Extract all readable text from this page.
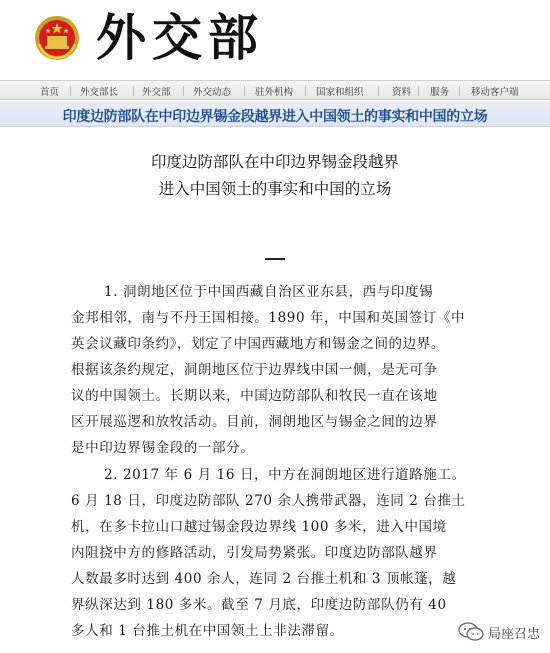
外交部
首页 外交部长	外交部 外交动态	驻外机构 国家和组织	资料 服务 移动客户端
印度边防部队在中印边界锡金段越界进入中国领土的事实和中国的立场
印度边防部队在中印边界锡金段越界
进入中国领土的事实和中国的立场
1. 洞朗地区位于中国西藏自治区亚东县，西与印度锡
金邦相邻，南与不丹王国相接。1890 年，中国和英国签订《中
英会议藏印条约》，划定了中国西藏地方和锡金之间的边界。
根据该条约规定，洞朗地区位于边界线中国一侧，是无可争
议的中国领土。长期以来，中国边防部队和牧民一直在该地
区开展巡逻和放牧活动。目前，洞朗地区与锡金之间的边界
是中印边界锡金段的一部分。
2. 2017 年 6 月 16 日，中方在洞朗地区进行道路施工。
6 月 18 日，印度边防部队 270 余人携带武器，连同 2 台推土
机，在多卡拉山口越过锡金段边界线 100 多米，进入中国境
内阻挠中方的修路活动，引发局势紧张。印度边防部队越界
人数最多时达到 400 余人，连同 2 台推土机和 3 顶帐篷，越
界纵深达到 180 多米。截至 7 月底，印度边防部队仍有 40
多人和 1 台推土机在中国领土上非法滞留。	局座召忠
